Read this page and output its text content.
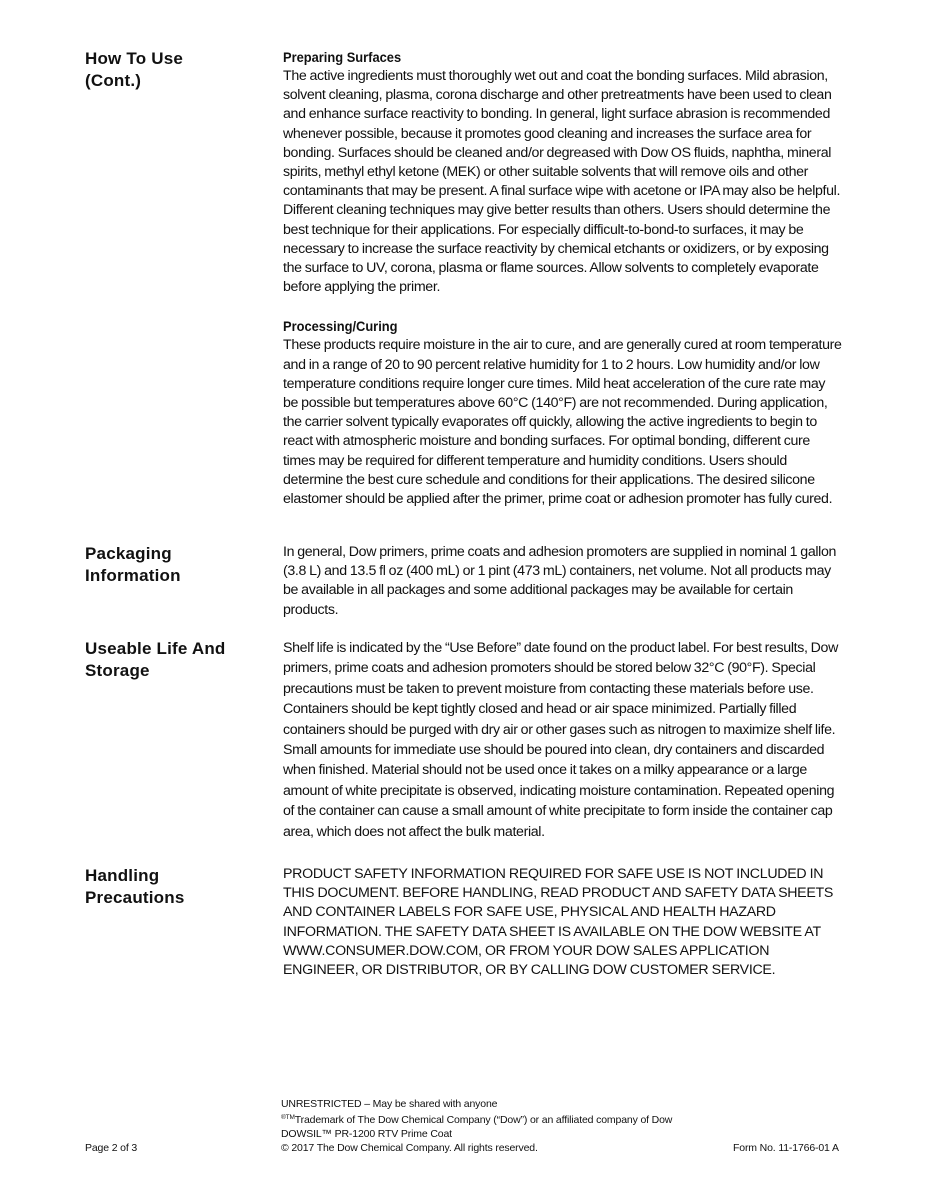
How To Use
(Cont.)
Preparing Surfaces

The active ingredients must thoroughly wet out and coat the bonding surfaces. Mild abrasion, solvent cleaning, plasma, corona discharge and other pretreatments have been used to clean and enhance surface reactivity to bonding. In general, light surface abrasion is recommended whenever possible, because it promotes good cleaning and increases the surface area for bonding. Surfaces should be cleaned and/or degreased with Dow OS fluids, naphtha, mineral spirits, methyl ethyl ketone (MEK) or other suitable solvents that will remove oils and other contaminants that may be present. A final surface wipe with acetone or IPA may also be helpful. Different cleaning techniques may give better results than others. Users should determine the best technique for their applications. For especially difficult-to-bond-to surfaces, it may be necessary to increase the surface reactivity by chemical etchants or oxidizers, or by exposing the surface to UV, corona, plasma or flame sources. Allow solvents to completely evaporate before applying the primer.

Processing/Curing

These products require moisture in the air to cure, and are generally cured at room temperature and in a range of 20 to 90 percent relative humidity for 1 to 2 hours. Low humidity and/or low temperature conditions require longer cure times. Mild heat acceleration of the cure rate may be possible but temperatures above 60°C (140°F) are not recommended. During application, the carrier solvent typically evaporates off quickly, allowing the active ingredients to begin to react with atmospheric moisture and bonding surfaces. For optimal bonding, different cure times may be required for different temperature and humidity conditions. Users should determine the best cure schedule and conditions for their applications. The desired silicone elastomer should be applied after the primer, prime coat or adhesion promoter has fully cured.

Packaging
Information

In general, Dow primers, prime coats and adhesion promoters are supplied in nominal 1 gallon (3.8 L) and 13.5 fl oz (400 mL) or 1 pint (473 mL) containers, net volume. Not all products may be available in all packages and some additional packages may be available for certain products.

Useable Life And
Storage

Shelf life is indicated by the “Use Before” date found on the product label. For best results, Dow primers, prime coats and adhesion promoters should be stored below 32°C (90°F). Special precautions must be taken to prevent moisture from contacting these materials before use. Containers should be kept tightly closed and head or air space minimized. Partially filled containers should be purged with dry air or other gases such as nitrogen to maximize shelf life. Small amounts for immediate use should be poured into clean, dry containers and discarded when finished. Material should not be used once it takes on a milky appearance or a large amount of white precipitate is observed, indicating moisture contamination. Repeated opening of the container can cause a small amount of white precipitate to form inside the container cap area, which does not affect the bulk material.

Handling
Precautions

PRODUCT SAFETY INFORMATION REQUIRED FOR SAFE USE IS NOT INCLUDED IN THIS DOCUMENT. BEFORE HANDLING, READ PRODUCT AND SAFETY DATA SHEETS AND CONTAINER LABELS FOR SAFE USE, PHYSICAL AND HEALTH HAZARD INFORMATION. THE SAFETY DATA SHEET IS AVAILABLE ON THE DOW WEBSITE AT WWW.CONSUMER.DOW.COM, OR FROM YOUR DOW SALES APPLICATION ENGINEER, OR DISTRIBUTOR, OR BY CALLING DOW CUSTOMER SERVICE.

UNRESTRICTED – May be shared with anyone
$^{®TM}$Trademark of The Dow Chemical Company (“Dow”) or an affiliated company of Dow
DOWSIL™ PR-1200 RTV Prime Coat
© 2017 The Dow Chemical Company. All rights reserved.
Page 2 of 3	Form No. 11-1766-01 A
